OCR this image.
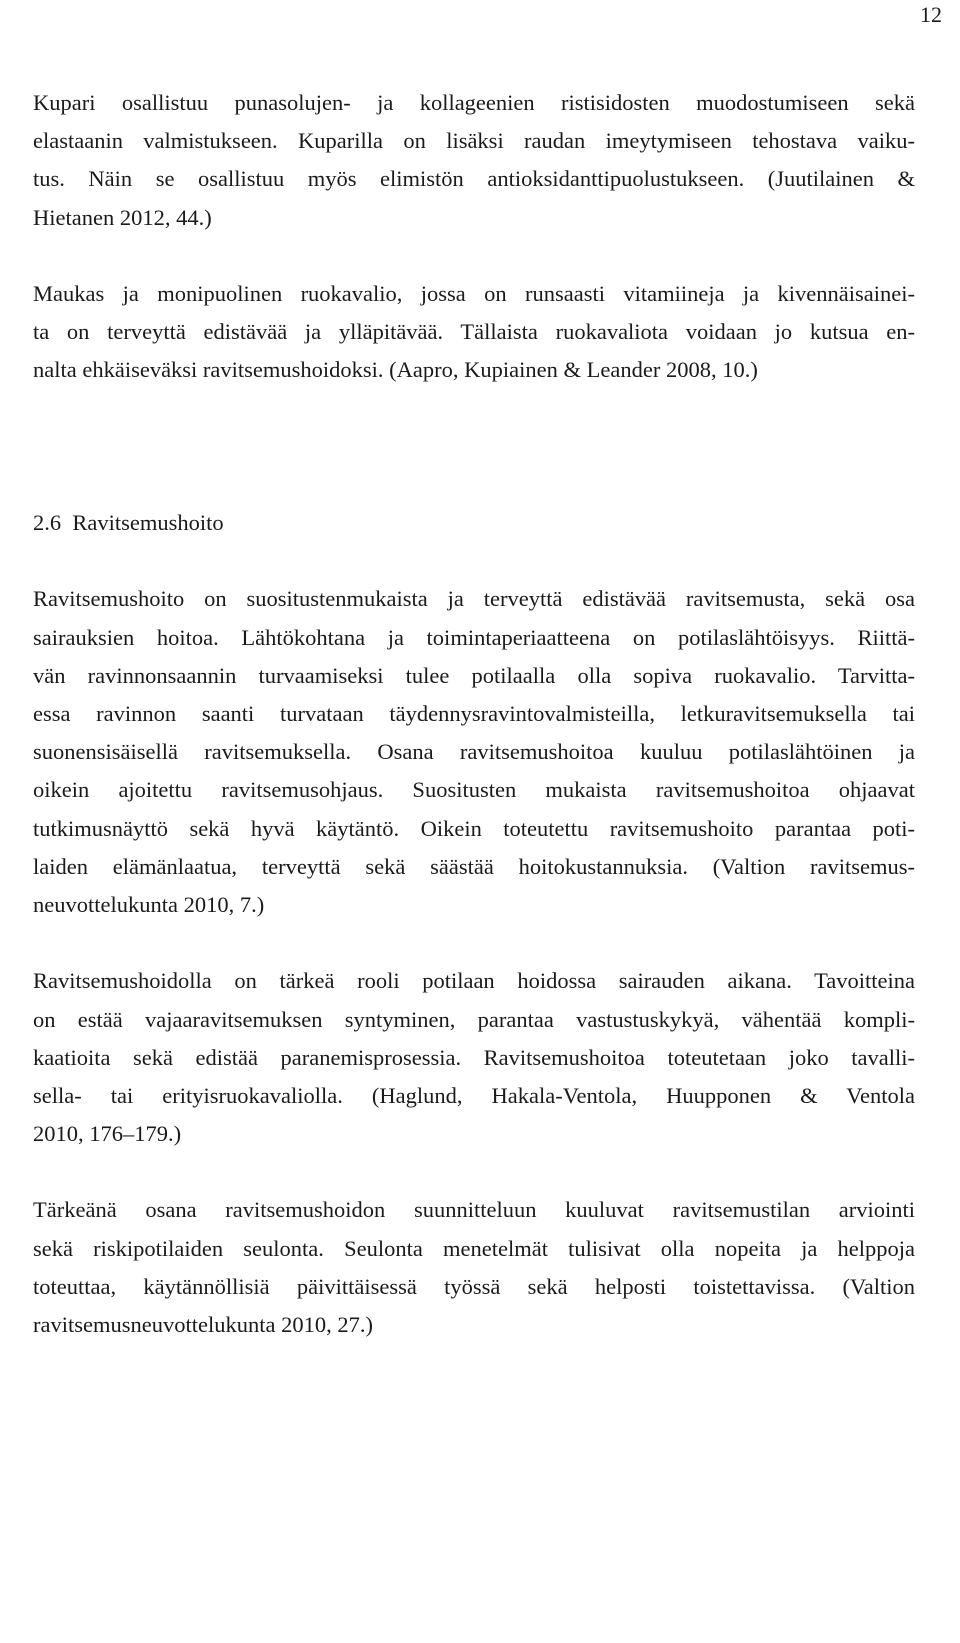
12

Kupari osallistuu punasolujen- ja kollageenien ristisidosten muodostumiseen sekä
elastaanin valmistukseen. Kuparilla on lisäksi raudan imeytymiseen tehostava vaiku-
tus. Näin se osallistuu myös elimistön antioksidanttipuolustukseen. (Juutilainen &
Hietanen 2012, 44.)

Maukas ja monipuolinen ruokavalio, jossa on runsaasti vitamiineja ja kivennäisainei-
ta on terveyttä edistävää ja ylläpitävää. Tällaista ruokavaliota voidaan jo kutsua en-
nalta ehkäiseväksi ravitsemushoidoksi. (Aapro, Kupiainen & Leander 2008, 10.)

2.6  Ravitsemushoito

Ravitsemushoito on suositustenmukaista ja terveyttä edistävää ravitsemusta, sekä osa
sairauksien hoitoa. Lähtökohtana ja toimintaperiaatteena on potilaslähtöisyys. Riittä-
vän ravinnonsaannin turvaamiseksi tulee potilaalla olla sopiva ruokavalio. Tarvitta-
essa ravinnon saanti turvataan täydennysravintovalmisteilla, letkuravitsemuksella tai
suonensisäisellä ravitsemuksella. Osana ravitsemushoitoa kuuluu potilaslähtöinen ja
oikein ajoitettu ravitsemusohjaus. Suositusten mukaista ravitsemushoitoa ohjaavat
tutkimusnäyttö sekä hyvä käytäntö. Oikein toteutettu ravitsemushoito parantaa poti-
laiden elämänlaatua, terveyttä sekä säästää hoitokustannuksia. (Valtion ravitsemus-
neuvottelukunta 2010, 7.)

Ravitsemushoidolla on tärkeä rooli potilaan hoidossa sairauden aikana. Tavoitteina
on estää vajaaravitsemuksen syntyminen, parantaa vastustuskykyä, vähentää kompli-
kaatioita sekä edistää paranemisprosessia. Ravitsemushoitoa toteutetaan joko tavalli-
sella- tai erityisruokavaliolla. (Haglund, Hakala-Ventola, Huupponen & Ventola
2010, 176–179.)

Tärkeänä osana ravitsemushoidon suunnitteluun kuuluvat ravitsemustilan arviointi
sekä riskipotilaiden seulonta. Seulonta menetelmät tulisivat olla nopeita ja helppoja
toteuttaa, käytännöllisiä päivittäisessä työssä sekä helposti toistettavissa. (Valtion
ravitsemusneuvottelukunta 2010, 27.)
